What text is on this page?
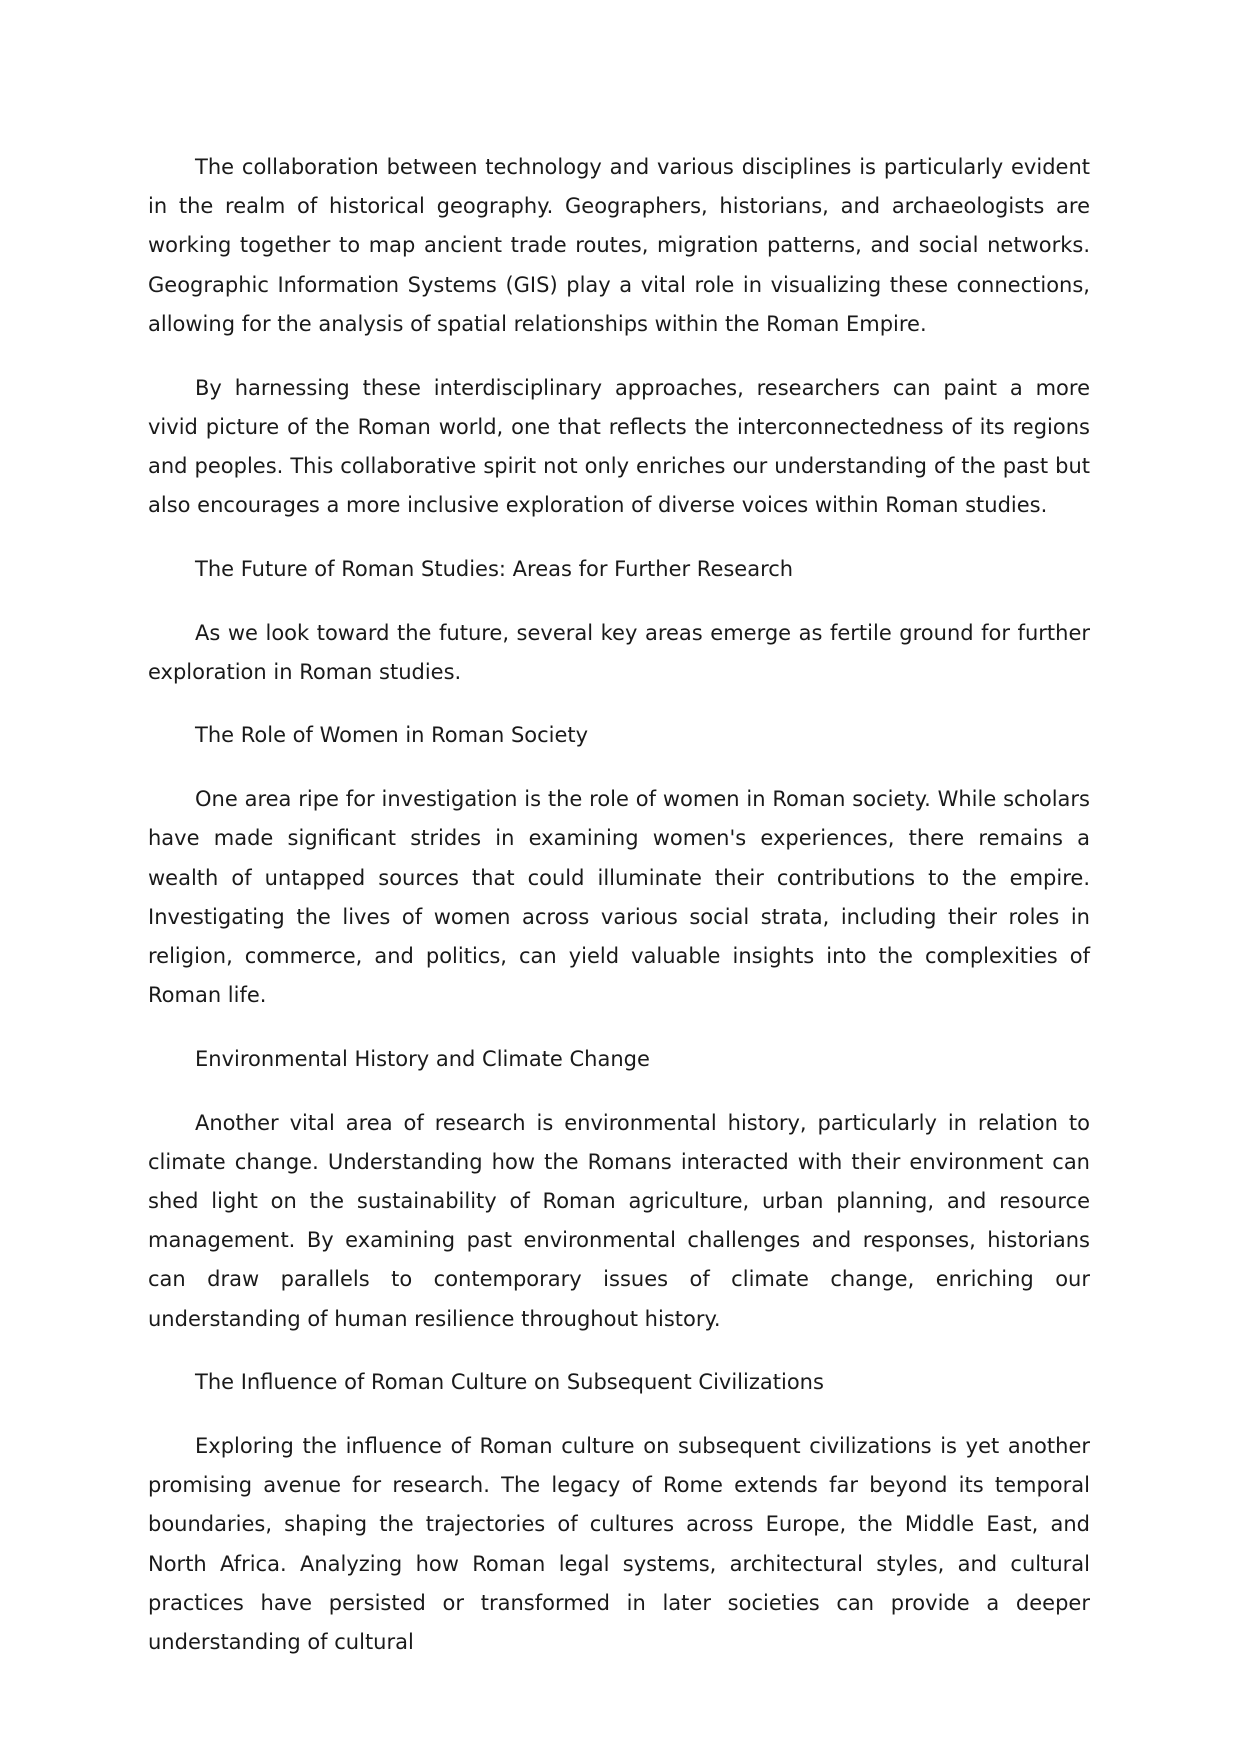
The collaboration between technology and various disciplines is particularly evident in the realm of historical geography. Geographers, historians, and archaeologists are working together to map ancient trade routes, migration patterns, and social networks. Geographic Information Systems (GIS) play a vital role in visualizing these connections, allowing for the analysis of spatial relationships within the Roman Empire.

By harnessing these interdisciplinary approaches, researchers can paint a more vivid picture of the Roman world, one that reflects the interconnectedness of its regions and peoples. This collaborative spirit not only enriches our understanding of the past but also encourages a more inclusive exploration of diverse voices within Roman studies.

The Future of Roman Studies: Areas for Further Research

As we look toward the future, several key areas emerge as fertile ground for further exploration in Roman studies.

The Role of Women in Roman Society

One area ripe for investigation is the role of women in Roman society. While scholars have made significant strides in examining women's experiences, there remains a wealth of untapped sources that could illuminate their contributions to the empire. Investigating the lives of women across various social strata, including their roles in religion, commerce, and politics, can yield valuable insights into the complexities of Roman life.

Environmental History and Climate Change

Another vital area of research is environmental history, particularly in relation to climate change. Understanding how the Romans interacted with their environment can shed light on the sustainability of Roman agriculture, urban planning, and resource management. By examining past environmental challenges and responses, historians can draw parallels to contemporary issues of climate change, enriching our understanding of human resilience throughout history.

The Influence of Roman Culture on Subsequent Civilizations

Exploring the influence of Roman culture on subsequent civilizations is yet another promising avenue for research. The legacy of Rome extends far beyond its temporal boundaries, shaping the trajectories of cultures across Europe, the Middle East, and North Africa. Analyzing how Roman legal systems, architectural styles, and cultural practices have persisted or transformed in later societies can provide a deeper understanding of cultural
